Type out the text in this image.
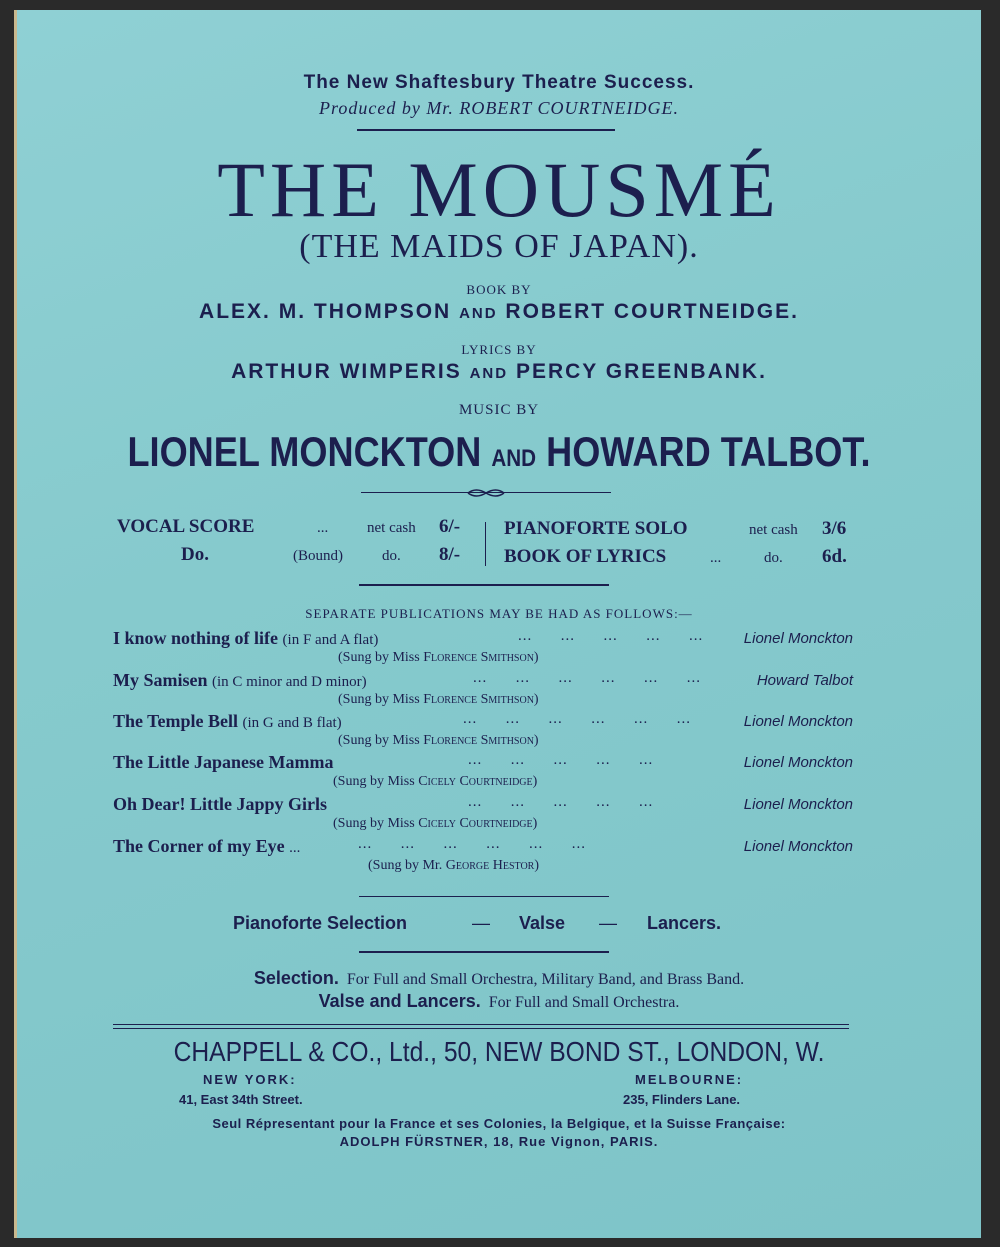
The New Shaftesbury Theatre Success.
Produced by Mr. ROBERT COURTNEIDGE.
THE MOUSMÉ
(THE MAIDS OF JAPAN).
BOOK BY
ALEX. M. THOMPSON AND ROBERT COURTNEIDGE.
LYRICS BY
ARTHUR WIMPERIS AND PERCY GREENBANK.
MUSIC BY
LIONEL MONCKTON AND HOWARD TALBOT.
VOCAL SCORE	...	net cash 6/-
Do.	(Bound)	do. 8/-
PIANOFORTE SOLO	net cash 3/6
BOOK OF LYRICS	...	do. 6d.
SEPARATE PUBLICATIONS MAY BE HAD AS FOLLOWS:—
I know nothing of life (in F and A flat)	...      ...      ...      ...      ...	Lionel Monckton
(Sung by Miss Florence Smithson)
My Samisen (in C minor and D minor)	...      ...      ...      ...      ...      ...	Howard Talbot
(Sung by Miss Florence Smithson)
The Temple Bell (in G and B flat)	...      ...      ...      ...      ...      ...	Lionel Monckton
(Sung by Miss Florence Smithson)
The Little Japanese Mamma	...      ...      ...      ...      ...	Lionel Monckton
(Sung by Miss Cicely Courtneidge)
Oh Dear! Little Jappy Girls	...      ...      ...      ...      ...	Lionel Monckton
(Sung by Miss Cicely Courtneidge)
The Corner of my Eye ...	...      ...      ...      ...      ...      ...	Lionel Monckton
(Sung by Mr. George Hestor)
Pianoforte Selection	— Valse — Lancers.
Selection. For Full and Small Orchestra, Military Band, and Brass Band.
Valse and Lancers. For Full and Small Orchestra.
CHAPPELL & CO., Ltd., 50, NEW BOND ST., LONDON, W.
NEW YORK:
41, East 34th Street.
MELBOURNE:
235, Flinders Lane.
Seul Répresentant pour la France et ses Colonies, la Belgique, et la Suisse Française:
ADOLPH FÜRSTNER, 18, Rue Vignon, PARIS.
